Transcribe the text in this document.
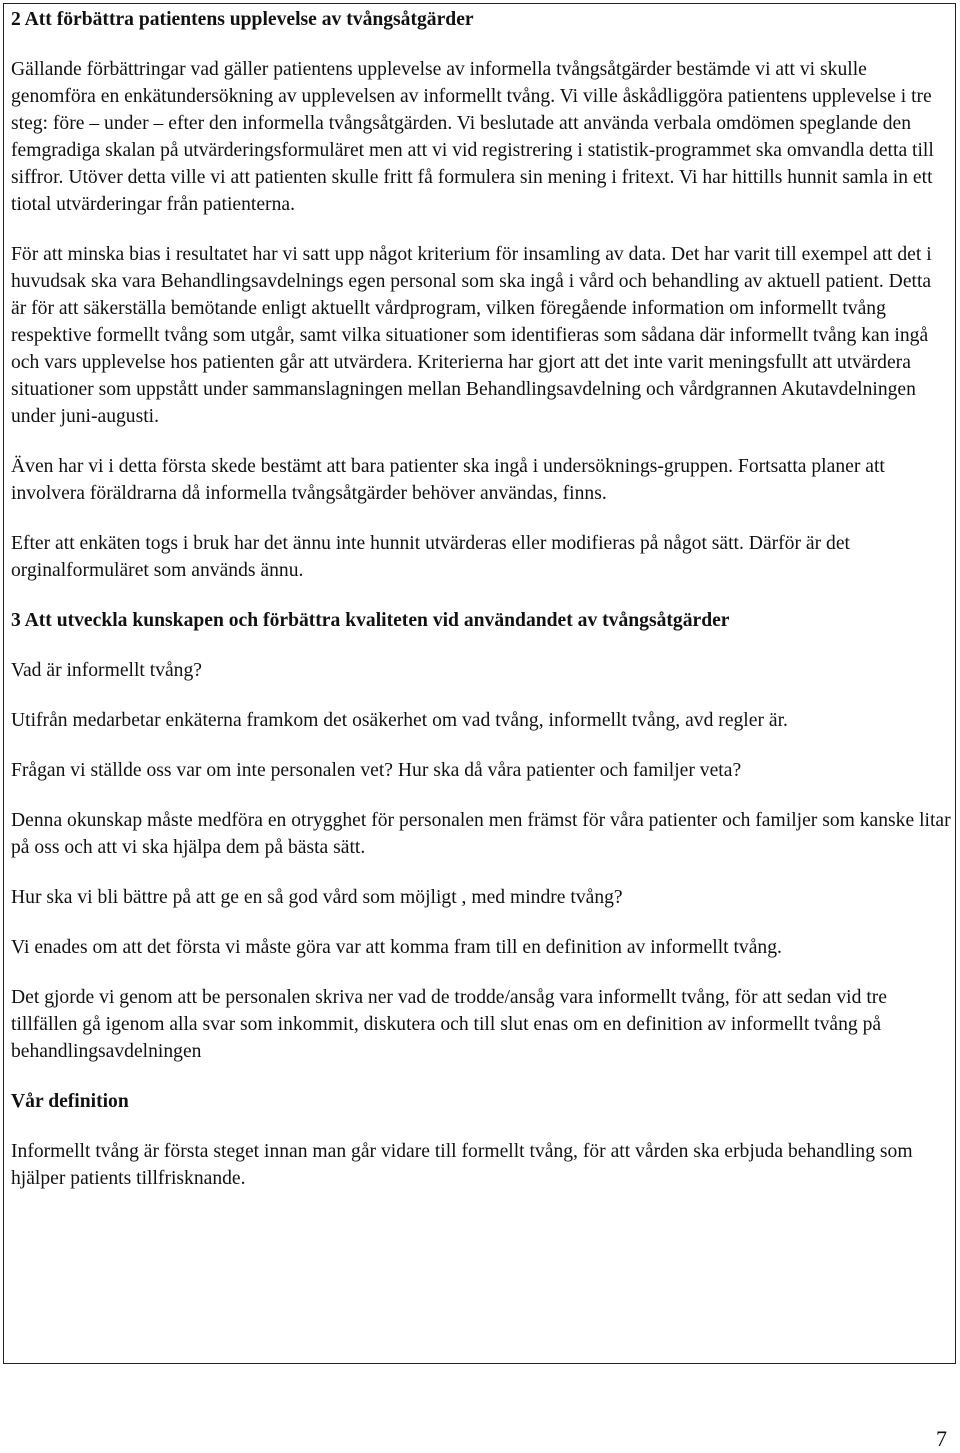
2 Att förbättra patientens upplevelse av tvångsåtgärder

Gällande förbättringar vad gäller patientens upplevelse av informella tvångsåtgärder bestämde vi att vi skulle genomföra en enkätundersökning av upplevelsen av informellt tvång. Vi ville åskådliggöra patientens upplevelse i tre steg: före – under – efter den informella tvångsåtgärden. Vi beslutade att använda verbala omdömen speglande den femgradiga skalan på utvärderingsformuläret men att vi vid registrering i statistik-programmet ska omvandla detta till siffror. Utöver detta ville vi att patienten skulle fritt få formulera sin mening i fritext. Vi har hittills hunnit samla in ett tiotal utvärderingar från patienterna.

För att minska bias i resultatet har vi satt upp något kriterium för insamling av data. Det har varit till exempel att det i huvudsak ska vara Behandlingsavdelnings egen personal som ska ingå i vård och behandling av aktuell patient. Detta är för att säkerställa bemötande enligt aktuellt vårdprogram, vilken föregående information om informellt tvång respektive formellt tvång som utgår, samt vilka situationer som identifieras som sådana där informellt tvång kan ingå och vars upplevelse hos patienten går att utvärdera. Kriterierna har gjort att det inte varit meningsfullt att utvärdera situationer som uppstått under sammanslagningen mellan Behandlingsavdelning och vårdgrannen Akutavdelningen under juni-augusti.

Även har vi i detta första skede bestämt att bara patienter ska ingå i undersöknings-gruppen. Fortsatta planer att involvera föräldrarna då informella tvångsåtgärder behöver användas, finns.

Efter att enkäten togs i bruk har det ännu inte hunnit utvärderas eller modifieras på något sätt. Därför är det orginalformuläret som används ännu.

3 Att utveckla kunskapen och förbättra kvaliteten vid användandet av tvångsåtgärder

Vad är informellt tvång?

Utifrån medarbetar enkäterna framkom det osäkerhet om vad tvång, informellt tvång, avd regler är.

Frågan vi ställde oss var om inte personalen vet? Hur ska då våra patienter och familjer veta?

Denna okunskap måste medföra en otrygghet för personalen men främst för våra patienter och familjer som kanske litar på oss och att vi ska hjälpa dem på bästa sätt.

Hur ska vi bli bättre på att ge en så god vård som möjligt , med mindre tvång?

Vi enades om att det första vi måste göra var att komma fram till en definition av informellt tvång.

Det gjorde vi genom att be personalen skriva ner vad de trodde/ansåg vara informellt tvång, för att sedan vid tre tillfällen gå igenom alla svar som inkommit, diskutera och till slut enas om en definition av informellt tvång på behandlingsavdelningen

Vår definition

Informellt tvång är första steget innan man går vidare till formellt tvång, för att vården ska erbjuda behandling som hjälper patients tillfrisknande.

7
